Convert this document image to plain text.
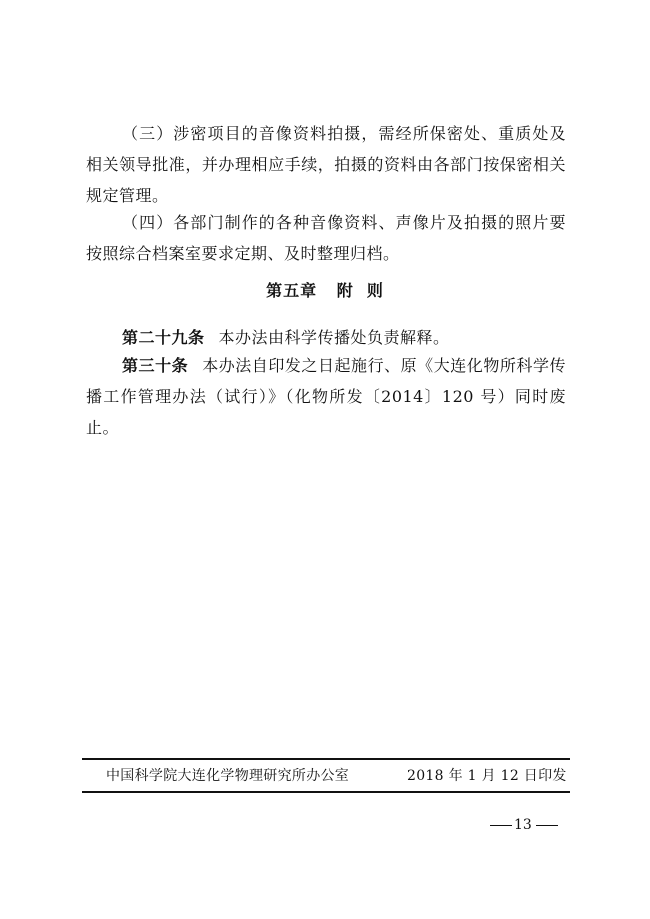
（三）涉密项目的音像资料拍摄，需经所保密处、重质处及相关领导批准，并办理相应手续，拍摄的资料由各部门按保密相关规定管理。

（四）各部门制作的各种音像资料、声像片及拍摄的照片要按照综合档案室要求定期、及时整理归档。

第五章   附  则

第二十九条 本办法由科学传播处负责解释。

第三十条 本办法自印发之日起施行、原《大连化物所科学传播工作管理办法（试行）》（化物所发〔2014〕120 号）同时废止。

中国科学院大连化学物理研究所办公室	2018 年 1 月 12 日印发
13
